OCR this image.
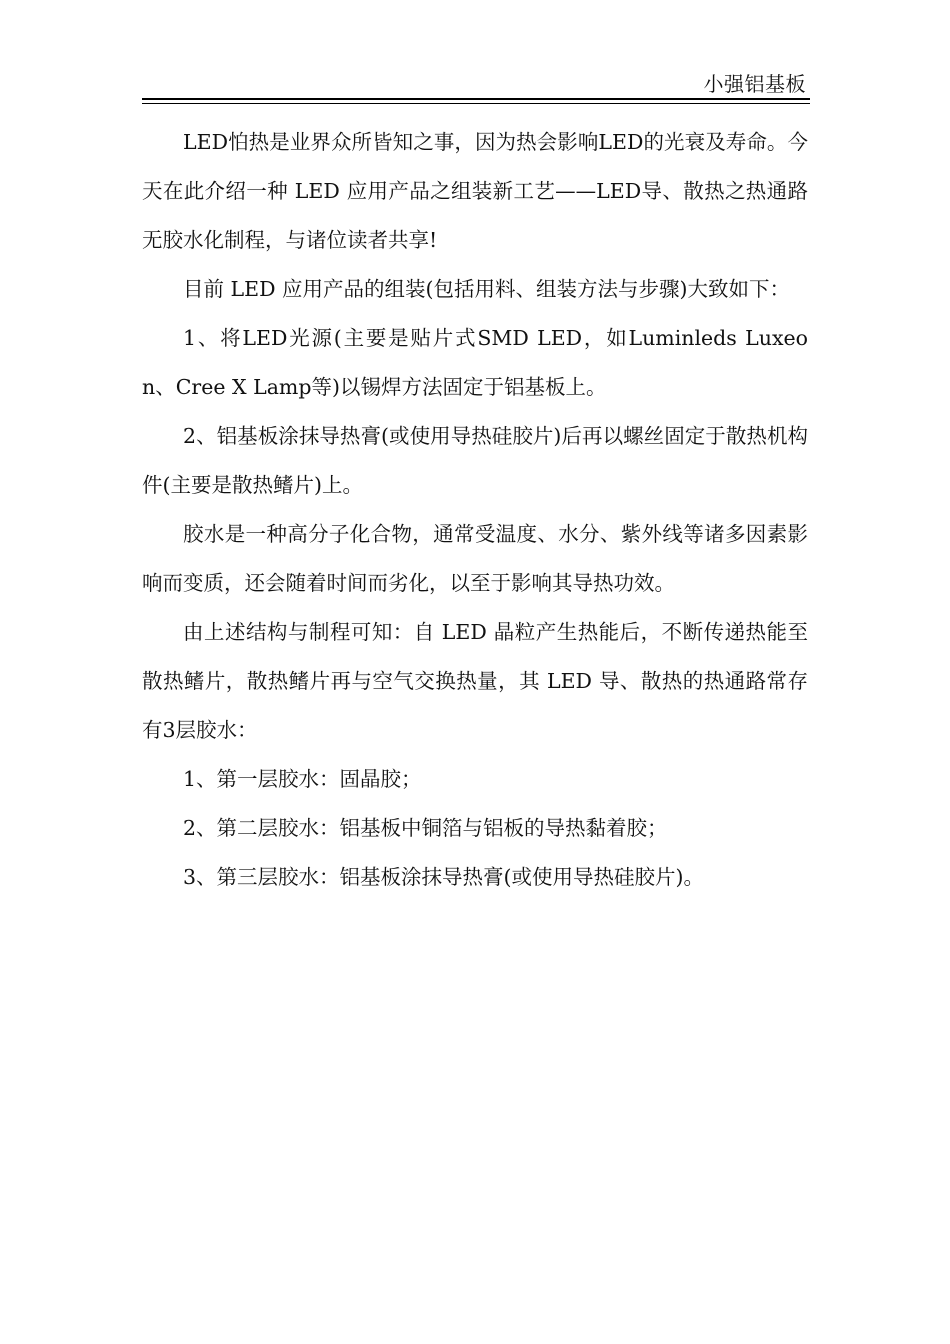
小强铝基板

LED怕热是业界众所皆知之事，因为热会影响LED的光衰及寿命。今天在此介绍一种 LED 应用产品之组装新工艺——LED导、散热之热通路无胶水化制程，与诸位读者共享!

目前 LED 应用产品的组装(包括用料、组装方法与步骤)大致如下：

1、将LED光源(主要是贴片式SMD LED，如Luminleds Luxeon、Cree X Lamp等)以锡焊方法固定于铝基板上。

2、铝基板涂抹导热膏(或使用导热硅胶片)后再以螺丝固定于散热机构件(主要是散热鳍片)上。

胶水是一种高分子化合物，通常受温度、水分、紫外线等诸多因素影响而变质，还会随着时间而劣化，以至于影响其导热功效。

由上述结构与制程可知：自 LED 晶粒产生热能后，不断传递热能至散热鳍片，散热鳍片再与空气交换热量，其 LED 导、散热的热通路常存有3层胶水：

1、第一层胶水：固晶胶；

2、第二层胶水：铝基板中铜箔与铝板的导热黏着胶；

3、第三层胶水：铝基板涂抹导热膏(或使用导热硅胶片)。
